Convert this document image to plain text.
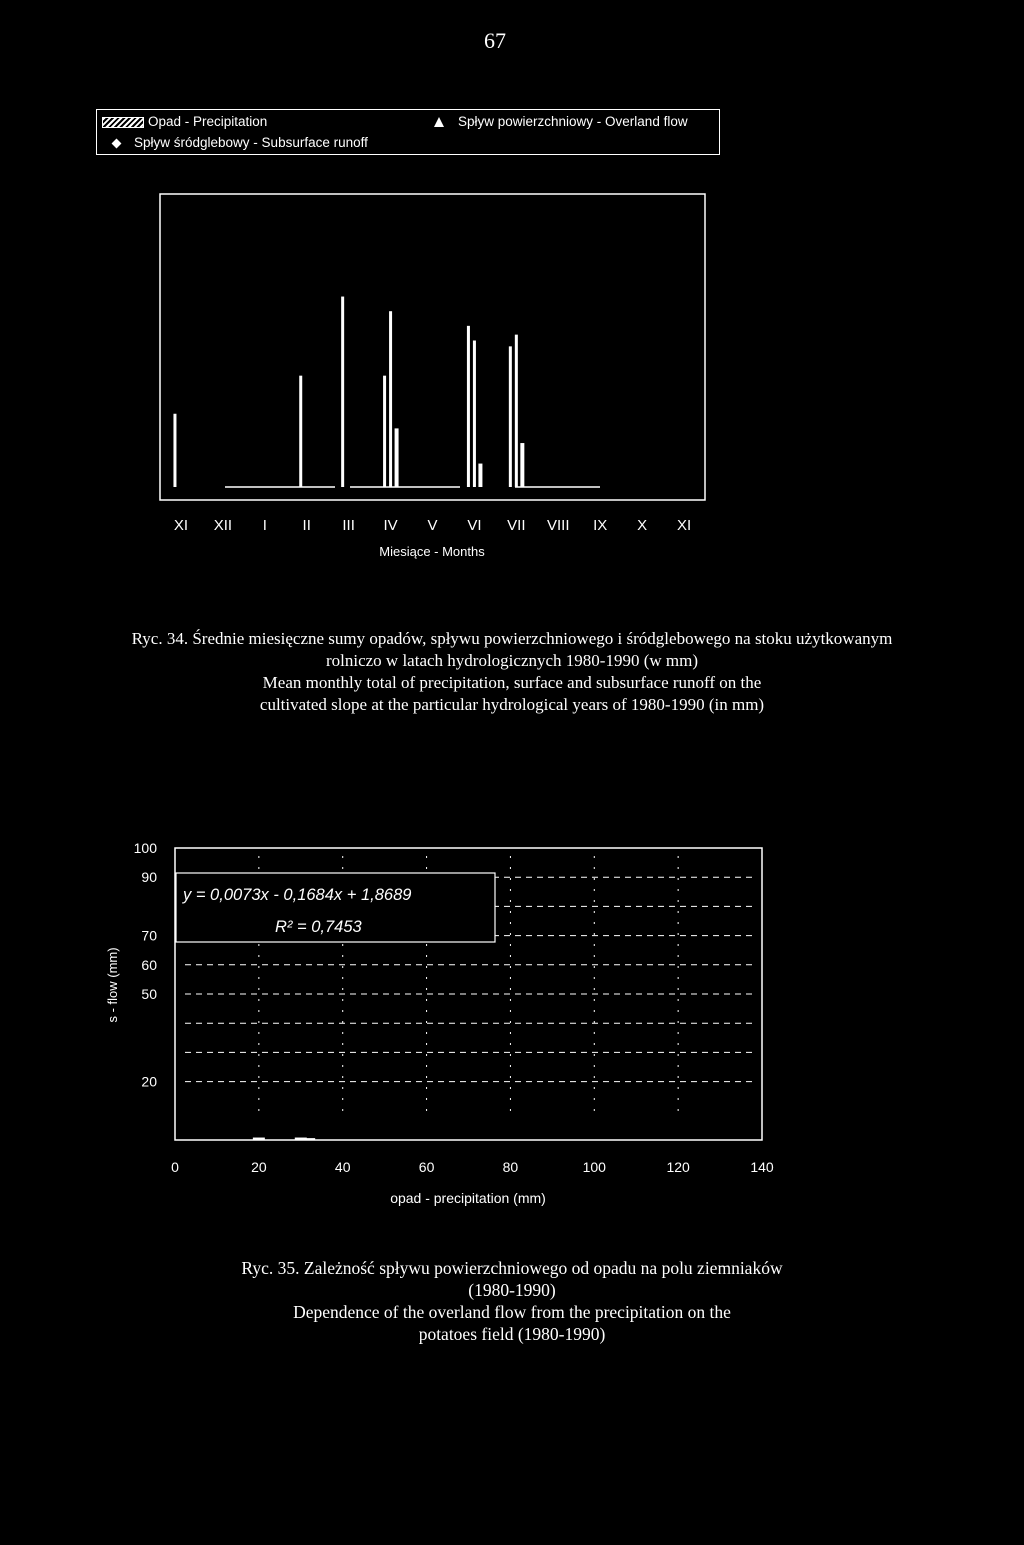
67
Opad - Precipitation	Spływ powierzchniowy - Overland flow
Spływ śródglebowy - Subsurface runoff
XI XII I II III IV V VI VII VIII IX X XI
Miesiące - Months

Ryc. 34. Średnie miesięczne sumy opadów, spływu powierzchniowego i śródglebowego na stoku użytkowanym

rolniczo w latach hydrologicznych 1980-1990 (w mm)

Mean monthly total of precipitation, surface and subsurface runoff on the

cultivated slope at the particular hydrological years of 1980-1990 (in mm)

y = 0,0073x - 0,1684x + 1,8689
R² = 0,7453
100
90
70
60
50
20
0	20	40	60	80	100	120	140
s - flow (mm)
opad - precipitation (mm)

Ryc. 35. Zależność spływu powierzchniowego od opadu na polu ziemniaków

(1980-1990)

Dependence of the overland flow from the precipitation on the

potatoes field (1980-1990)
